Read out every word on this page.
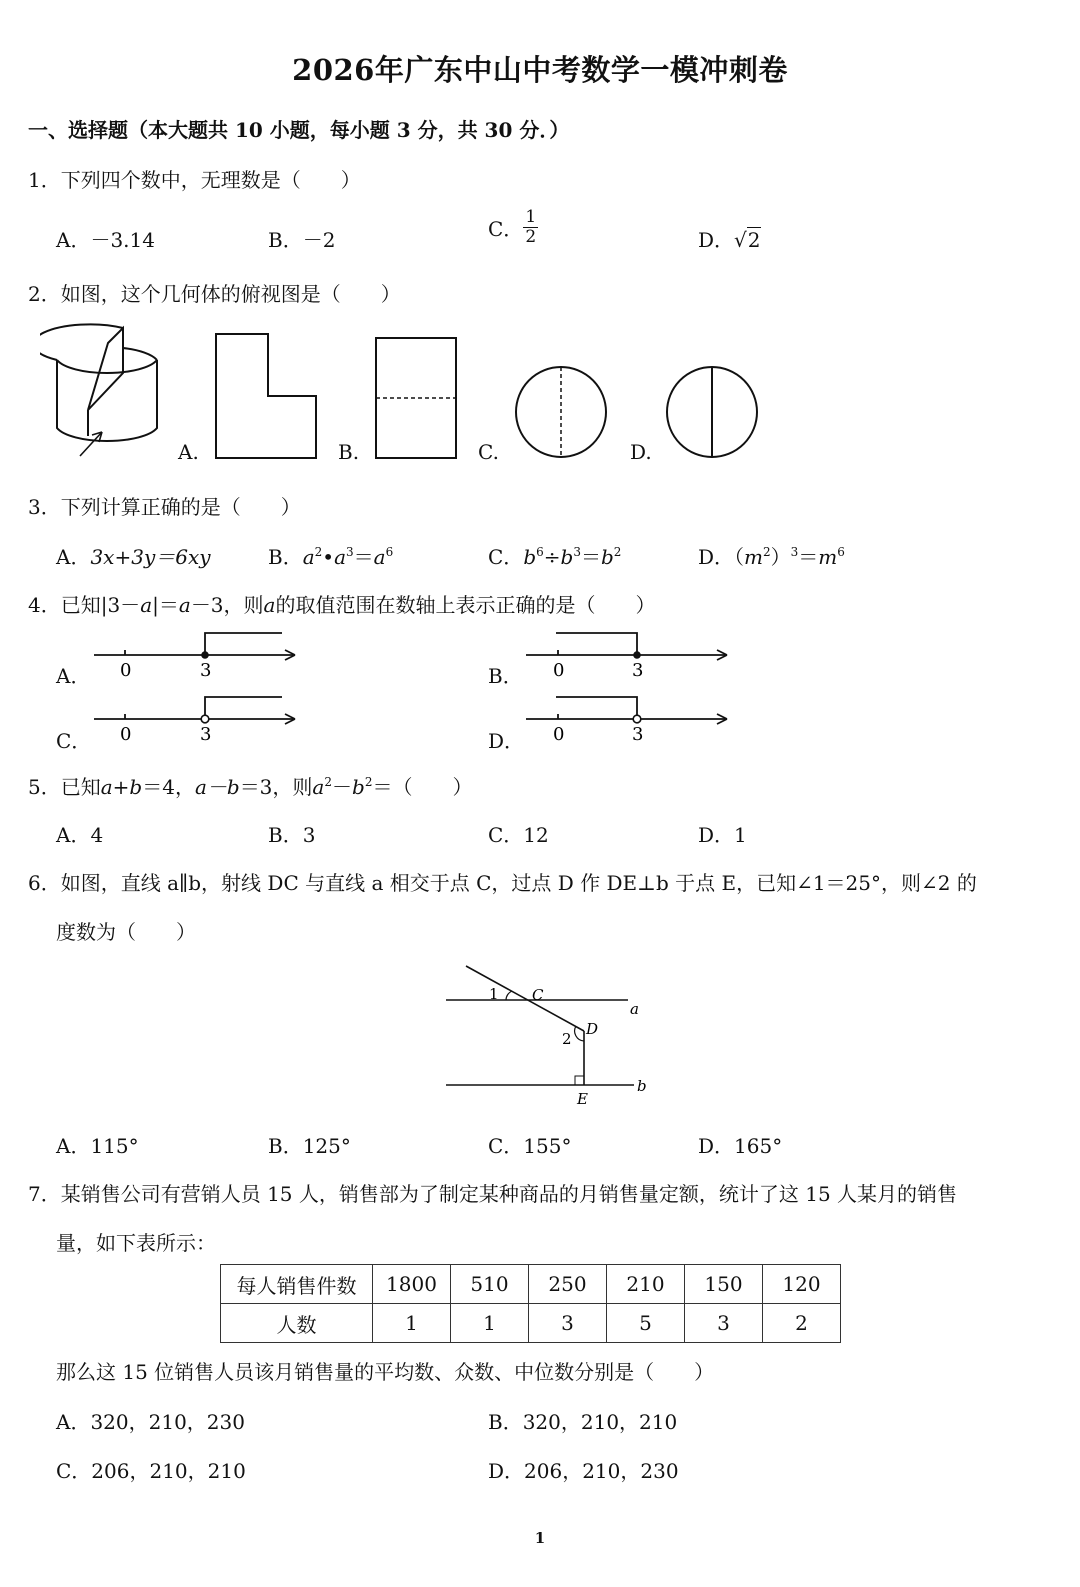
2026年广东中山中考数学一模冲刺卷
一、选择题（本大题共 10 小题，每小题 3 分，共 30 分．）
1．下列四个数中，无理数是（　　）
A．－3.14	B．－2	C． $\frac{1}{2}$	D．√2
2．如图，这个几何体的俯视图是（　　）
A.	B.	C.	D.
3．下列计算正确的是（　　）
A．3x+3y＝6xy	B．$a^2•a^3=a^6$	C．$b^6\div b^3=b^2$	D．$(m^2)^3=m^6$
4．已知|3－a|＝a－3，则a的取值范围在数轴上表示正确的是（　　）
A． 0	3	B． 0	3
C． 0	3	D． 0	3
5．已知a+b＝4，a－b＝3，则$a^2-b^2=$（　　）
A．4	B．3	C．12	D．1
6．如图，直线 a∥b，射线 DC 与直线 a 相交于点 C，过点 D 作 DE⊥b 于点 E，已知∠1＝25°，则∠2 的
度数为（　　）
1 C
a
2
D
E
b
A．115°	B．125°	C．155°	D．165°
7．某销售公司有营销人员 15 人，销售部为了制定某种商品的月销售量定额，统计了这 15 人某月的销售
量，如下表所示：
每人销售件数	1800	510	250	210	150	120
人数	1	1	3	5	3	2
那么这 15 位销售人员该月销售量的平均数、众数、中位数分别是（　　）
A．320，210，230	B．320，210，210
C．206，210，210	D．206，210，230
1
